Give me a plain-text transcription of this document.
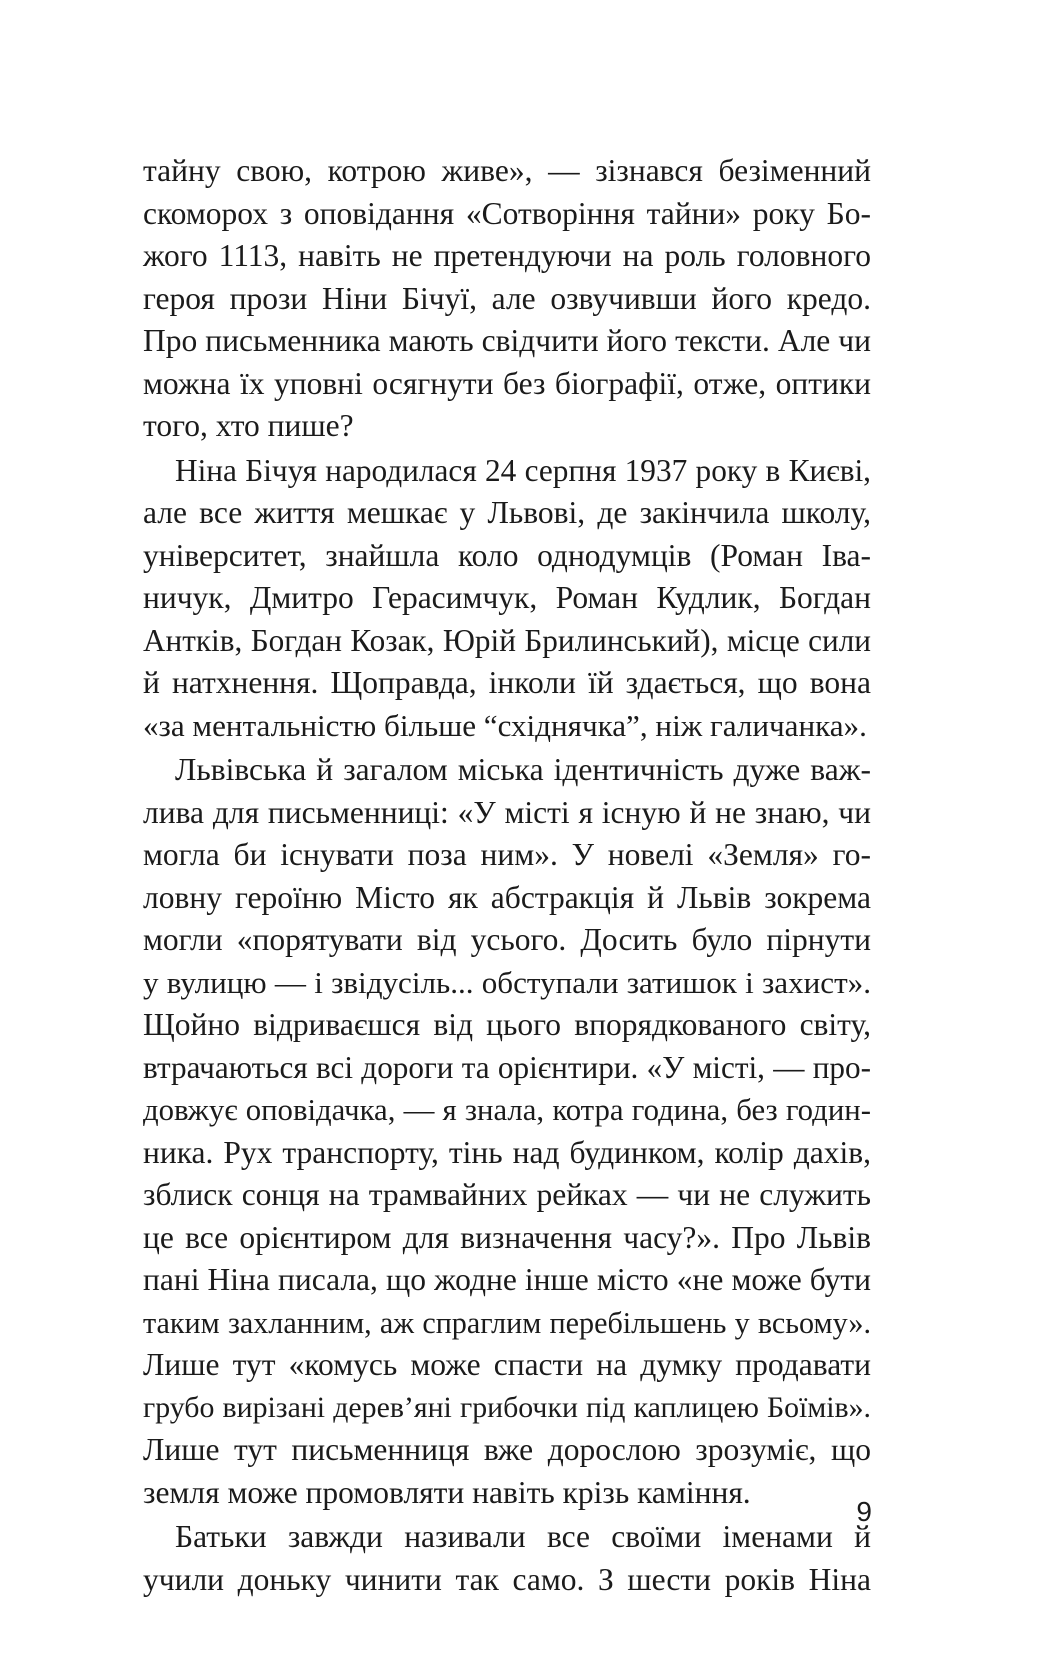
тайну свою, котрою живе», — зізнався безіменний
скоморох з оповідання «Сотворіння тайни» року Бо-
жого 1113, навіть не претендуючи на роль головного
героя прози Ніни Бічуї, але озвучивши його кредо.
Про письменника мають свідчити його тексти. Але чи
можна їх уповні осягнути без біографії, отже, оптики
того, хто пише?
Ніна Бічуя народилася 24 серпня 1937 року в Києві,
але все життя мешкає у Львові, де закінчила школу,
університет, знайшла коло однодумців (Роман Іва-
ничук, Дмитро Герасимчук, Роман Кудлик, Богдан
Антків, Богдан Козак, Юрій Брилинський), місце сили
й натхнення. Щоправда, інколи їй здається, що вона
«за ментальністю більше “східнячка”, ніж галичанка».
Львівська й загалом міська ідентичність дуже важ-
лива для письменниці: «У місті я існую й не знаю, чи
могла би існувати поза ним». У новелі «Земля» го-
ловну героїню Місто як абстракція й Львів зокрема
могли «порятувати від усього. Досить було пірнути
у вулицю — і звідусіль... обступали затишок і захист».
Щойно відриваєшся від цього впорядкованого світу,
втрачаються всі дороги та орієнтири. «У місті, — про-
довжує оповідачка, — я знала, котра година, без годин-
ника. Рух транспорту, тінь над будинком, колір дахів,
зблиск сонця на трамвайних рейках — чи не служить
це все орієнтиром для визначення часу?». Про Львів
пані Ніна писала, що жодне інше місто «не може бути
таким захланним, аж спраглим перебільшень у всьому».
Лише тут «комусь може спасти на думку продавати
грубо вирізані дерев’яні грибочки під каплицею Боїмів».
Лише тут письменниця вже дорослою зрозуміє, що
земля може промовляти навіть крізь каміння.
Батьки завжди називали все своїми іменами й
учили доньку чинити так само. З шести років Ніна
9
